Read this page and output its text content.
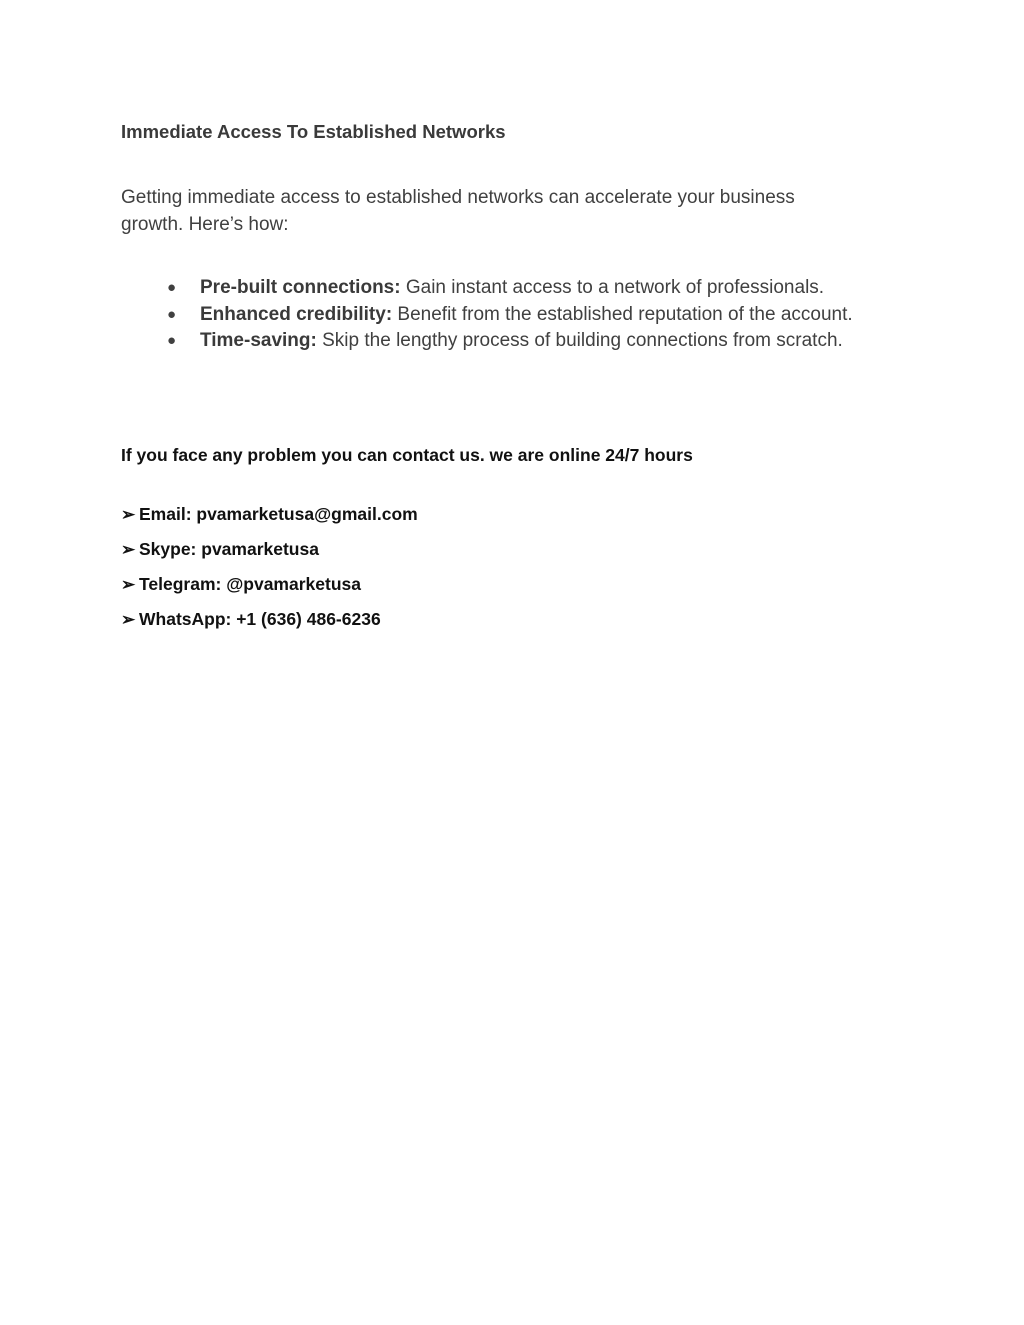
Immediate Access To Established Networks

Getting immediate access to established networks can accelerate your business growth. Here’s how:

● Pre-built connections: Gain instant access to a network of professionals.
● Enhanced credibility: Benefit from the established reputation of the account.
● Time-saving: Skip the lengthy process of building connections from scratch.

If you face any problem you can contact us. we are online 24/7 hours

➢ Email: pvamarketusa@gmail.com
➢ Skype: pvamarketusa
➢ Telegram: @pvamarketusa
➢ WhatsApp: +1 (636) 486-6236
